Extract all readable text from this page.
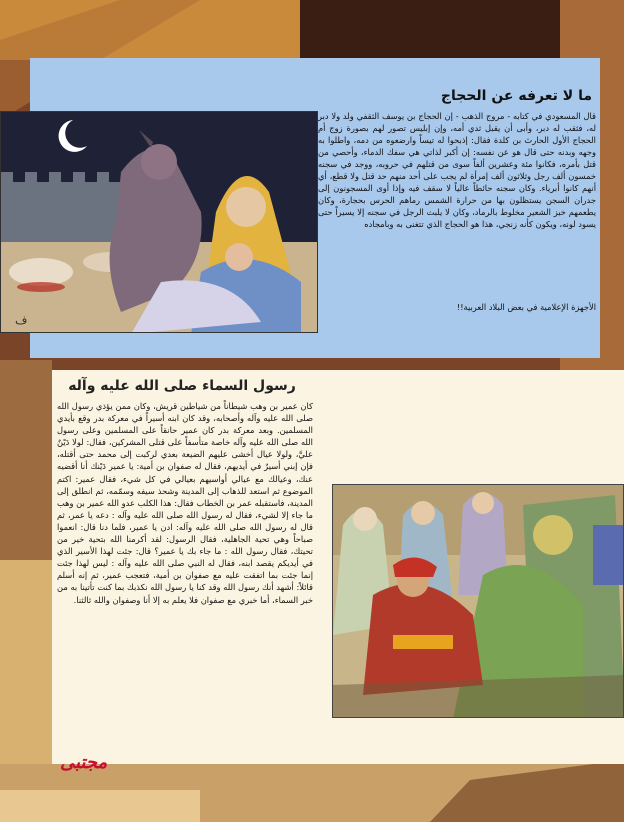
ما لا تعرفه عن الحجاج

قال المسعودي في كتابه - مروج الذهب - إن الحجاج بن يوسف الثقفي ولد ولا دبر له، فثقب له دبر، وأبى أن يقبل ثدي أمه، وإن إبليس تصور لهم بصورة زوج أم الحجاج الأول الحارث بن كلدة فقال: إذبحوا له تيساً وارضعوه من دمه، واطلوا به وجهه وبدنه حتى قال هو عن نفسه: إن أكبر لذاتي هي سفك الدماء، وأحصي من قتل بأمره، فكانوا مئة وعشرين ألفاً سوى من قتلهم في حروبه، ووجد في سجنه خمسون ألف رجل وثلاثون ألف إمرأة لم يجب على أحد منهم حد قتل ولا قطع، أي أنهم كانوا أبرياء. وكان سجنه حائطاً عالياً لا سقف فيه وإذا أوى المسجونون إلى جدران السجن يستظلون بها من حرارة الشمس رماهم الحرس بحجارة، وكان يطعمهم خبز الشعير مخلوط بالرماد، وكان لا يلبث الرجل في سجنه إلا يسيراً حتى يسود لونه، ويكون كأنه زنجي، هذا هو الحجاج الذي تتغنى به وبامجاده

الأجهزة الإعلامية في بعض البلاد العربية!!

ف
رسول السماء صلى الله عليه وآله

كان عمير بن وهب شيطاناً من شياطين قريش، وكان ممن يؤذي رسول الله صلى الله عليه وآله وأصحابه، وقد كان ابنه أسيراً في معركة بدر وقع بأيدي المسلمين. وبعد معركة بدر كان عمير حانقاً على المسلمين وعلى رسول الله صلى الله عليه وآله خاصة متأسفاً على قتلى المشركين، فقال: لولا دَيْنٌ عليَّ، ولولا عيال أخشى عليهم الضيعة بعدي لركبت إلى محمد حتى أقتله، فإن إبني أسيرٌ في أيديهم، فقال له صفوان بن أمية: يا عمير دَيْنك أنا أقضيه عنك، وعيالك مع عيالي أواسيهم بعيالي في كل شيء، فقال عمير: اكتم الموضوع ثم استعد للذهاب إلى المدينة وشحذ سيفه وسمّمه، ثم انطلق إلى المدينة، فاستقبله عمر بن الخطاب فقال: هذا الكلب عدو الله عمير بن وهب ما جاء إلا لشيء، فقال له رسول الله صلى الله عليه وآله : دعه يا عمر، ثم قال له رسول الله صلى الله عليه وآله: ادن يا عمير، فلما دنا قال: انعموا صباحاً وهي تحية الجاهلية، فقال الرسول: لقد أكرمنا الله بتحية خير من تحيتك، فقال رسول الله : ما جاء بك يا عمير؟ قال: جئت لهذا الأسير الذي في أيديكم يقصد ابنه، فقال له النبي صلى الله عليه وآله : ليس لهذا جئت إنما جئت بما اتفقت عليه مع صفوان بن أمية، فتعجب عمير، ثم إنه أسلم قائلاً: أشهد أنك رسول الله وقد كنا يا رسول الله نكذبك بما كنت تأتينا به من خبر السماء، أما خبري مع صفوان فلا يعلم به إلا أنا وصفوان والله ثالثنا.

مجتبى
